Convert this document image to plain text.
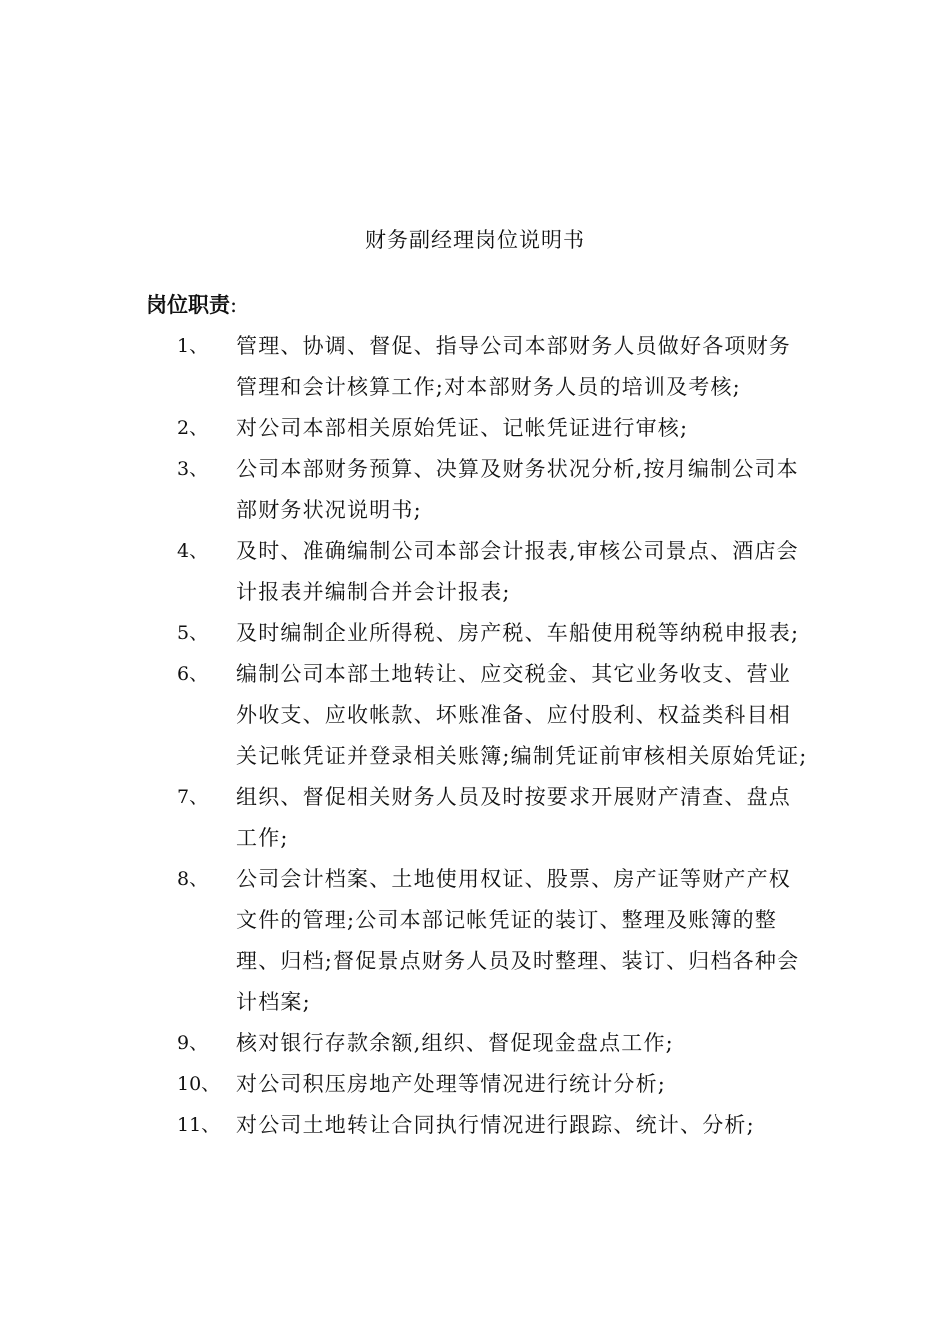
财务副经理岗位说明书
岗位职责:
1、 管理、协调、督促、指导公司本部财务人员做好各项财务管理和会计核算工作;对本部财务人员的培训及考核;
2、 对公司本部相关原始凭证、记帐凭证进行审核;
3、 公司本部财务预算、决算及财务状况分析,按月编制公司本部财务状况说明书;
4、 及时、准确编制公司本部会计报表,审核公司景点、酒店会计报表并编制合并会计报表;
5、 及时编制企业所得税、房产税、车船使用税等纳税申报表;
6、 编制公司本部土地转让、应交税金、其它业务收支、营业外收支、应收帐款、坏账准备、应付股利、权益类科目相关记帐凭证并登录相关账簿;编制凭证前审核相关原始凭证;
7、 组织、督促相关财务人员及时按要求开展财产清查、盘点工作;
8、 公司会计档案、土地使用权证、股票、房产证等财产产权文件的管理;公司本部记帐凭证的装订、整理及账簿的整理、归档;督促景点财务人员及时整理、装订、归档各种会计档案;
9、 核对银行存款余额,组织、督促现金盘点工作;
10、 对公司积压房地产处理等情况进行统计分析;
11、 对公司土地转让合同执行情况进行跟踪、统计、分析;
